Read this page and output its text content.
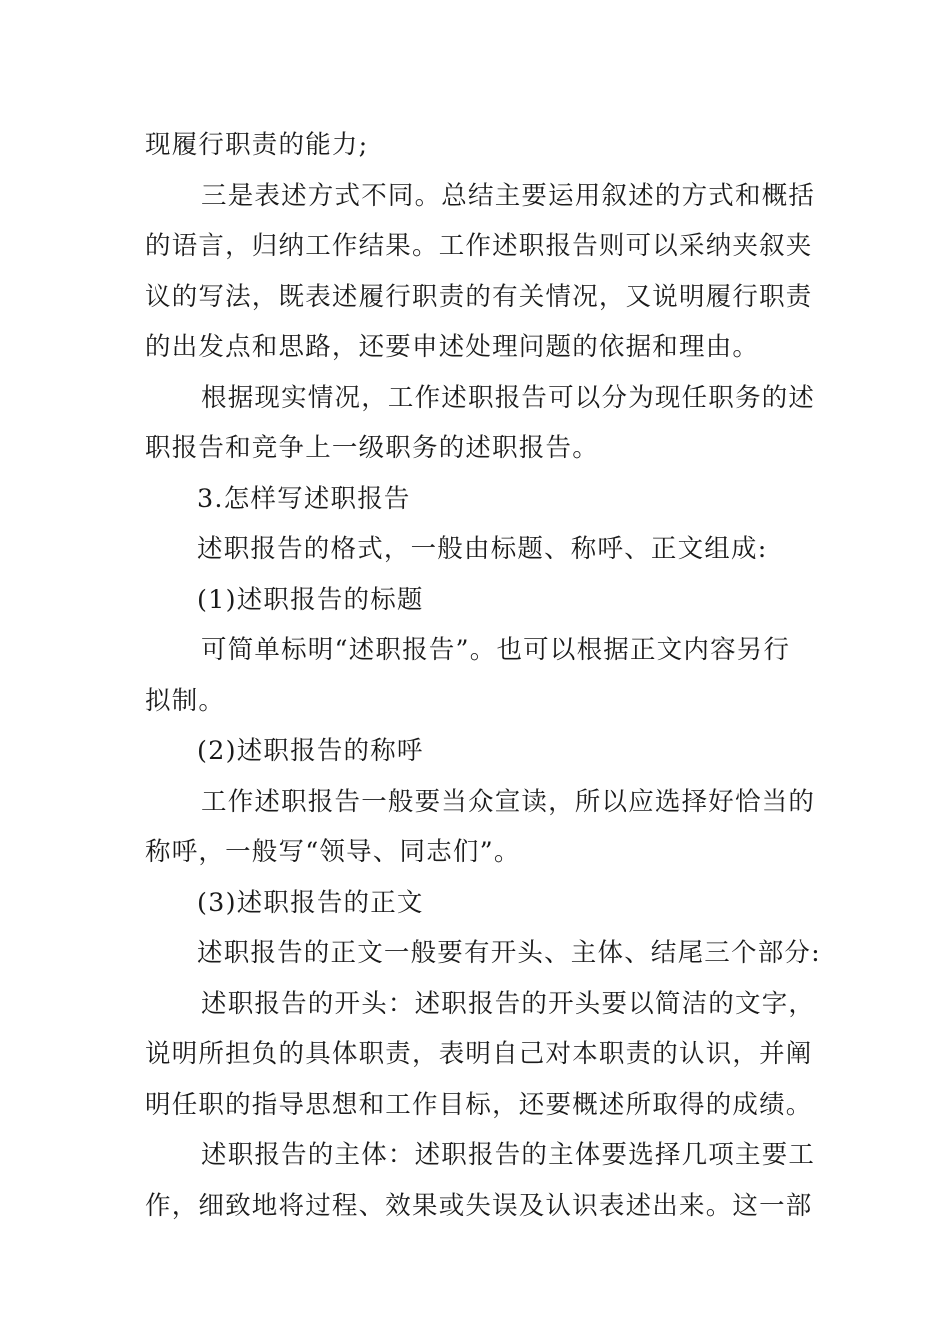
现履行职责的能力;
三是表述方式不同。总结主要运用叙述的方式和概括
的语言，归纳工作结果。工作述职报告则可以采纳夹叙夹
议的写法，既表述履行职责的有关情况，又说明履行职责
的出发点和思路，还要申述处理问题的依据和理由。
根据现实情况，工作述职报告可以分为现任职务的述
职报告和竞争上一级职务的述职报告。
3.怎样写述职报告
述职报告的格式，一般由标题、称呼、正文组成:
(1)述职报告的标题
可简单标明“述职报告”。也可以根据正文内容另行
拟制。
(2)述职报告的称呼
工作述职报告一般要当众宣读，所以应选择好恰当的
称呼，一般写“领导、同志们”。
(3)述职报告的正文
述职报告的正文一般要有开头、主体、结尾三个部分:
述职报告的开头：述职报告的开头要以简洁的文字，
说明所担负的具体职责，表明自己对本职责的认识，并阐
明任职的指导思想和工作目标，还要概述所取得的成绩。
述职报告的主体：述职报告的主体要选择几项主要工
作，细致地将过程、效果或失误及认识表述出来。这一部
